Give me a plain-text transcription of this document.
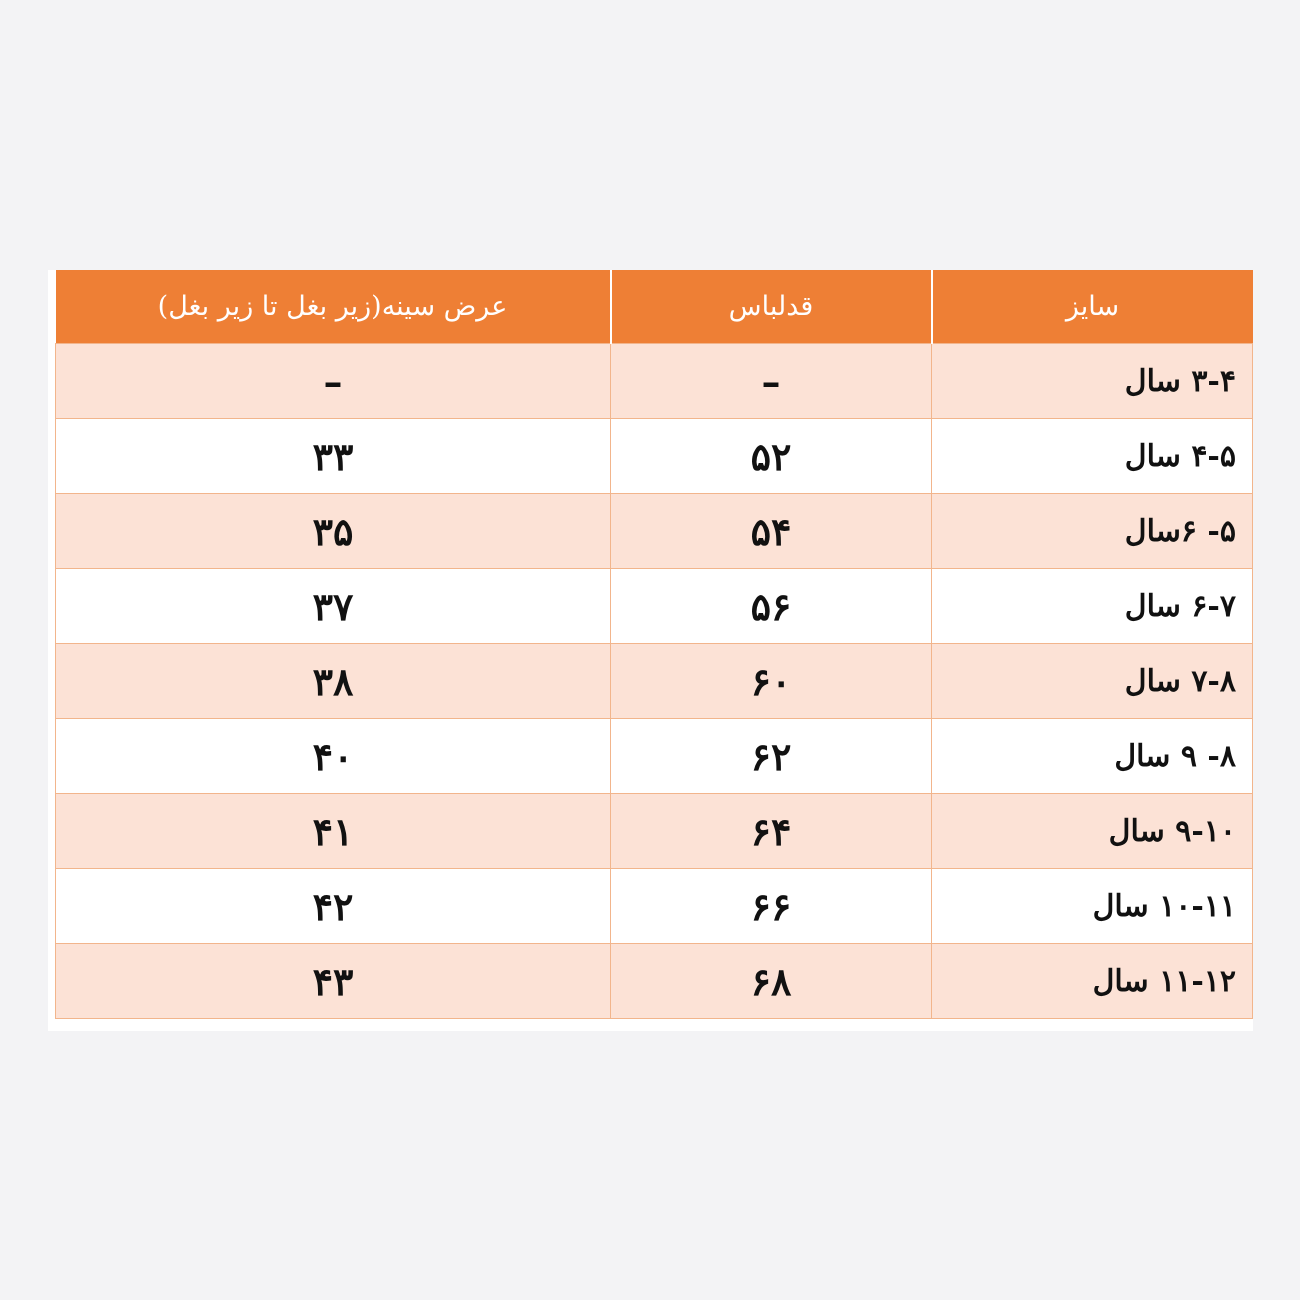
سایز	قدلباس	عرض سینه(زیر بغل تا زیر بغل)
۳-۴ سال	–	–
۴-۵ سال	۵۲	۳۳
۵- ۶سال	۵۴	۳۵
۶-۷ سال	۵۶	۳۷
۷-۸ سال	۶۰	۳۸
۸- ۹ سال	۶۲	۴۰
۹-۱۰ سال	۶۴	۴۱
۱۰-۱۱ سال	۶۶	۴۲
۱۱-۱۲ سال	۶۸	۴۳
